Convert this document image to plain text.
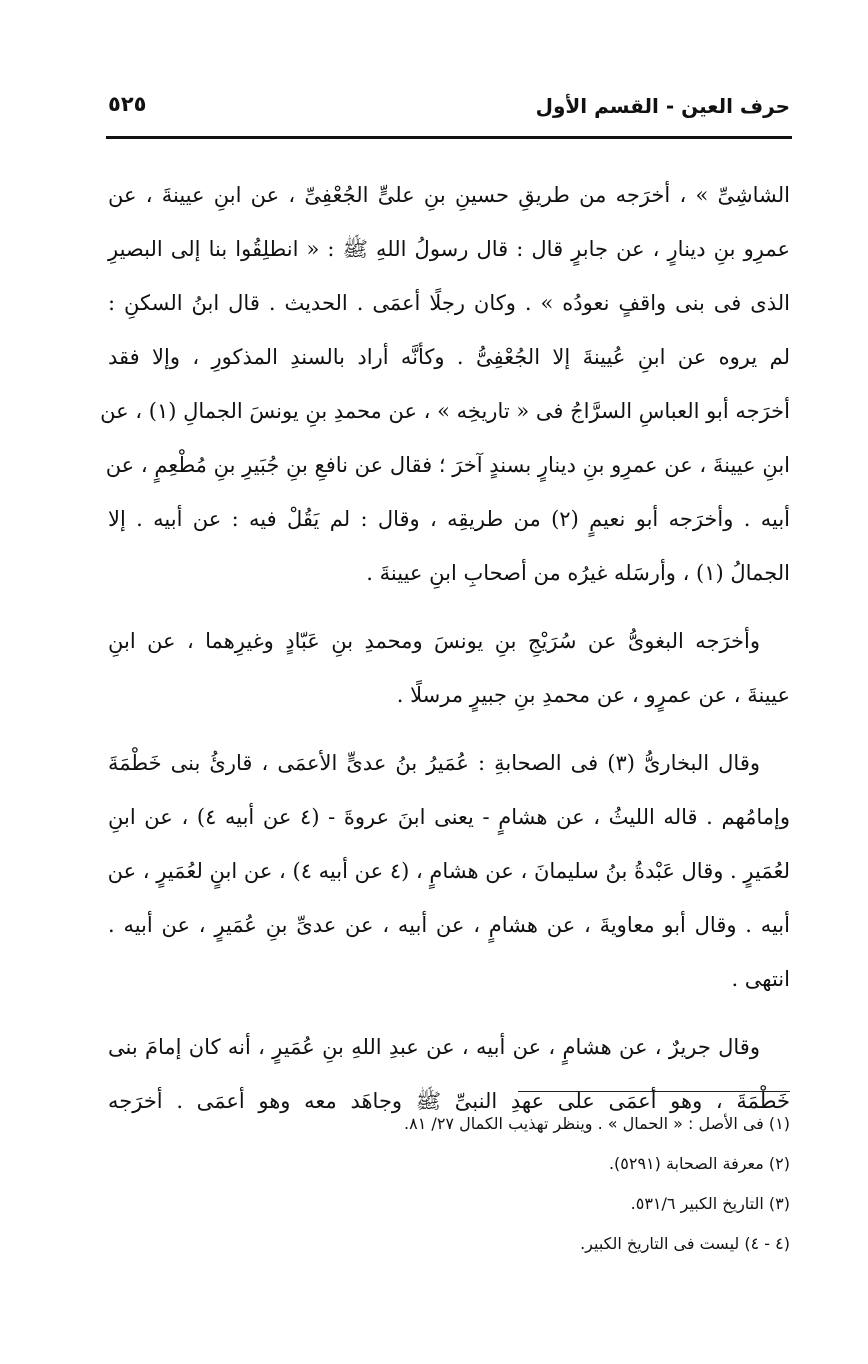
حرف العين - القسم الأول
٥٢٥
الشاشِىِّ » ، أخرَجه من طريقِ حسينِ بنِ علىٍّ الجُعْفِىِّ ، عن ابنِ عيينةَ ، عن
عمرِو بنِ دينارٍ ، عن جابرٍ قال : قال رسولُ اللهِ ﷺ : « انطلِقُوا بنا إلى البصيرِ
الذى فى بنى واقفٍ نعودُه » . وكان رجلًا أعمَى . الحديث . قال ابنُ السكنِ :
لم يروه عن ابنِ عُيينةَ إلا الجُعْفِىُّ . وكأنَّه أراد بالسندِ المذكورِ ، وإلا فقد
أخرَجه أبو العباسِ السرَّاجُ فى « تاريخِه » ، عن محمدِ بنِ يونسَ الجمالِ (١) ، عن
ابنِ عيينةَ ، عن عمرِو بنِ دينارٍ بسندٍ آخرَ ؛ فقال عن نافعِ بنِ جُبَيرِ بنِ مُطْعِمٍ ، عن
أبيه . وأخرَجه أبو نعيمٍ (٢) من طريقِه ، وقال : لم يَقُلْ فيه : عن أبيه . إلا
الجمالُ (١) ، وأرسَله غيرُه من أصحابِ ابنِ عيينةَ .
وأخرَجه البغوىُّ عن سُرَيْجِ بنِ يونسَ ومحمدِ بنِ عَبّادٍ وغيرِهما ، عن ابنِ
عيينةَ ، عن عمرٍو ، عن محمدِ بنِ جبيرٍ مرسلًا .
وقال البخارىُّ (٣) فى الصحابةِ : عُمَيرُ بنُ عدىٍّ الأعمَى ، قارئُ بنى خَطْمَةَ
وإمامُهم . قاله الليثُ ، عن هشامٍ - يعنى ابنَ عروةَ - (٤ عن أبيه ٤) ، عن ابنِ
لعُمَيرٍ . وقال عَبْدةُ بنُ سليمانَ ، عن هشامٍ ، (٤ عن أبيه ٤) ، عن ابنٍ لعُمَيرٍ ، عن
أبيه . وقال أبو معاويةَ ، عن هشامٍ ، عن أبيه ، عن عدىِّ بنِ عُمَيرٍ ، عن أبيه .
انتهى .
وقال جريرٌ ، عن هشامٍ ، عن أبيه ، عن عبدِ اللهِ بنِ عُمَيرٍ ، أنه كان إمامَ بنى
خَطْمَةَ ، وهو أعمَى على عهدِ النبىِّ ﷺ وجاهَد معه وهو أعمَى . أخرَجه
(١) فى الأصل : « الحمال » . وينظر تهذيب الكمال ٢٧/ ٨١.
(٢) معرفة الصحابة (٥٢٩١).
(٣) التاريخ الكبير ٥٣١/٦.
(٤ - ٤) ليست فى التاريخ الكبير.
